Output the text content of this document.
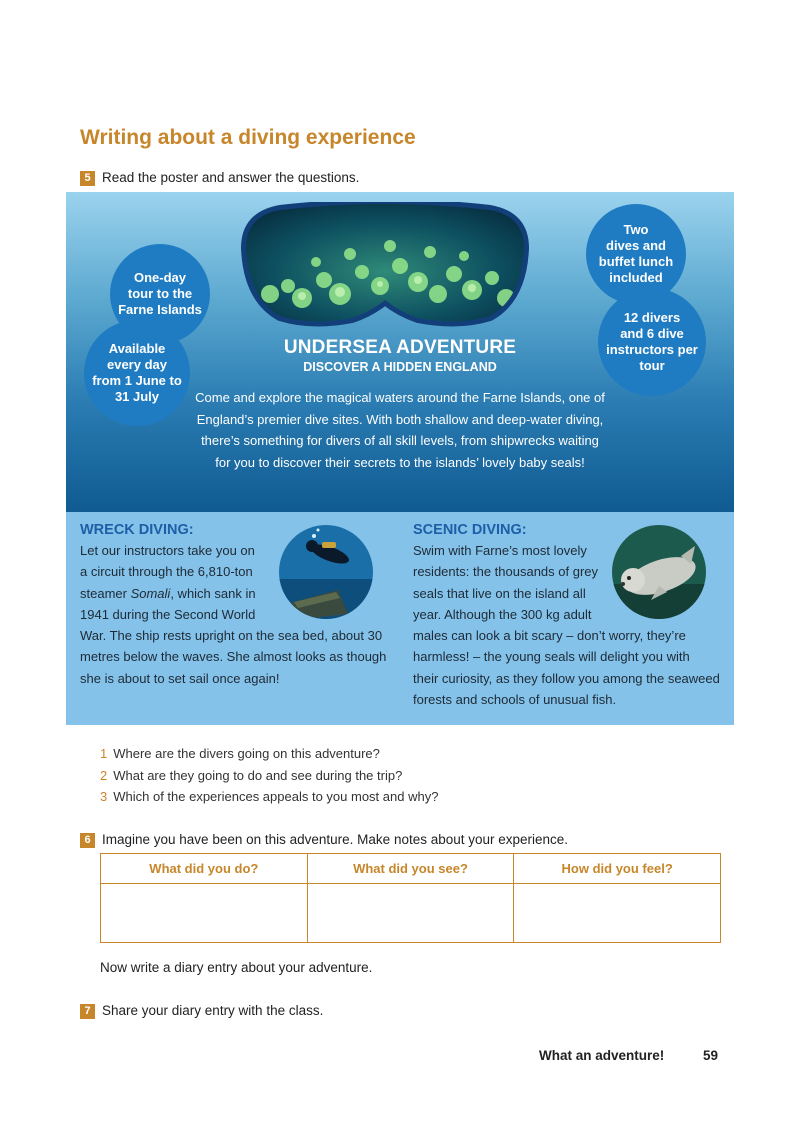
Writing about a diving experience
5 Read the poster and answer the questions.
One-day
tour to the
Farne Islands
Available
every day
from 1 June to
31 July
Two
dives and
buffet lunch
included
12 divers
and 6 dive
instructors per
tour
UNDERSEA ADVENTURE
DISCOVER A HIDDEN ENGLAND
Come and explore the magical waters around the Farne Islands, one of
England’s premier dive sites. With both shallow and deep-water diving,
there’s something for divers of all skill levels, from shipwrecks waiting
for you to discover their secrets to the islands’ lovely baby seals!
WRECK DIVING:
Let our instructors take you on
a circuit through the 6,810-ton
steamer Somali, which sank in
1941 during the Second World
War. The ship rests upright on the sea bed, about 30
metres below the waves. She almost looks as though
she is about to set sail once again!
SCENIC DIVING:
Swim with Farne’s most lovely
residents: the thousands of grey
seals that live on the island all
year. Although the 300 kg adult
males can look a bit scary – don’t worry, they’re
harmless! – the young seals will delight you with
their curiosity, as they follow you among the seaweed
forests and schools of unusual fish.
1 Where are the divers going on this adventure?
2 What are they going to do and see during the trip?
3 Which of the experiences appeals to you most and why?
6 Imagine you have been on this adventure. Make notes about your experience.
What did you do?	What did you see?	How did you feel?

Now write a diary entry about your adventure.
7 Share your diary entry with the class.
What an adventure!	59
